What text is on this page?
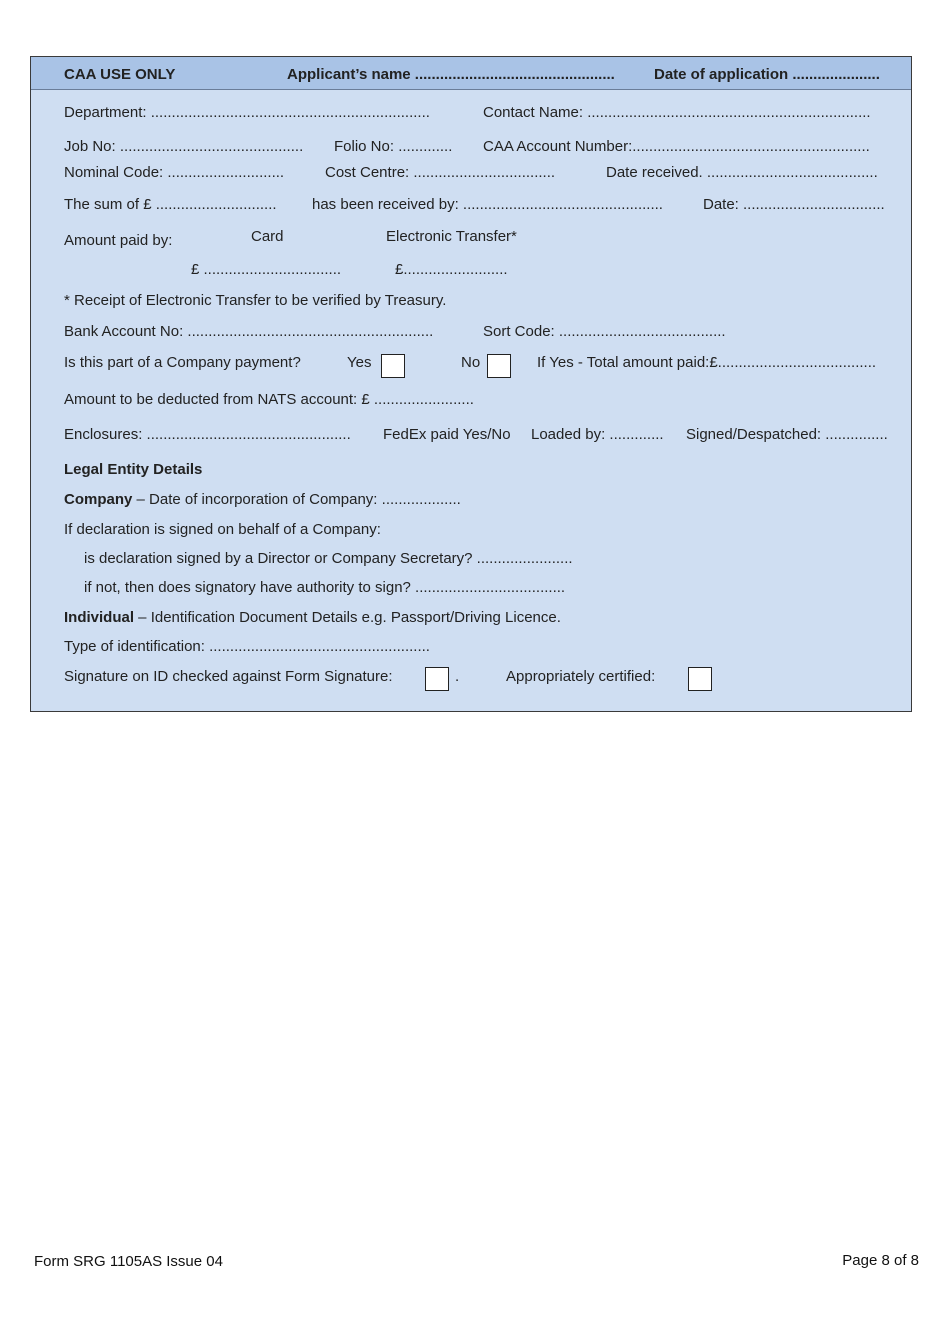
CAA USE ONLY	Applicant’s name ................................................	Date of application .....................
Department: ...................................................................	Contact Name: ....................................................................
Job No: ............................................ Folio No: ............. CAA Account Number:.........................................................
Nominal Code: ............................	Cost Centre: ..................................	Date received. .........................................
The sum of £ ............................. has been received by: ................................................	Date: ..................................
Amount paid by:	Card	Electronic Transfer*
£ .................................	£.........................
* Receipt of Electronic Transfer to be verified by Treasury.
Bank Account No: ...........................................................	Sort Code: ........................................
Is this part of a Company payment?	Yes	No	If Yes - Total amount paid:£......................................
Amount to be deducted from NATS account: £ ........................
Enclosures: ................................................. FedEx paid Yes/No Loaded by: ............. Signed/Despatched: ...............
Legal Entity Details
Company – Date of incorporation of Company: ...................
If declaration is signed on behalf of a Company:
is declaration signed by a Director or Company Secretary? .......................
if not, then does signatory have authority to sign? ....................................
Individual – Identification Document Details e.g. Passport/Driving Licence.
Type of identification: .....................................................
Signature on ID checked against Form Signature:	.	Appropriately certified:
Form SRG 1105AS Issue 04	Page 8 of 8
